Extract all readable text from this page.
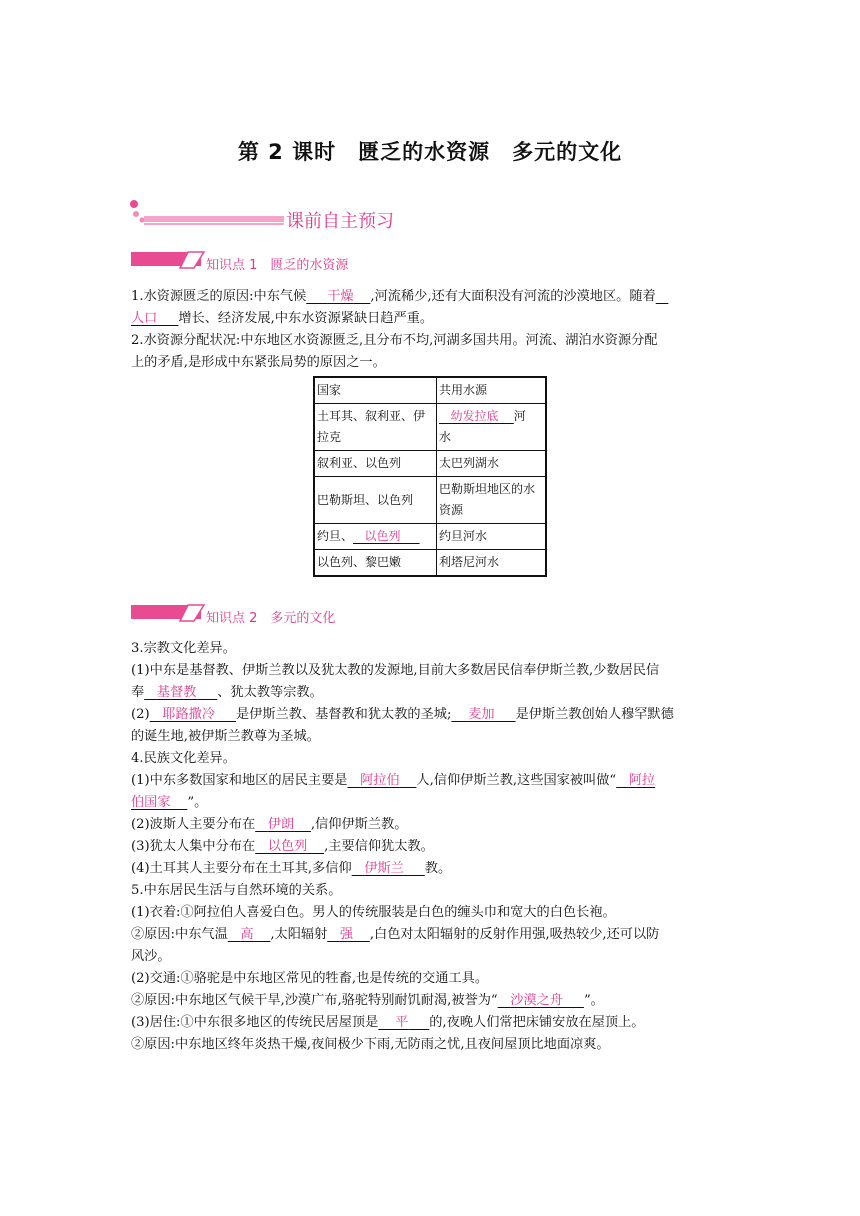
第 2 课时　匮乏的水资源　多元的文化
课前自主预习
知识点 1　匮乏的水资源
1.水资源匮乏的原因:中东气候 干燥 ,河流稀少,还有大面积没有河流的沙漠地区。随着
人口 增长、经济发展,中东水资源紧缺日趋严重。
2.水资源分配状况:中东地区水资源匮乏,且分布不均,河湖多国共用。河流、湖泊水资源分配
上的矛盾,是形成中东紧张局势的原因之一。
国家	共用水源
土耳其、叙利亚、伊
拉克	幼发拉底 河
水
叙利亚、以色列	太巴列湖水
巴勒斯坦、以色列	巴勒斯坦地区的水
资源
约旦、 以色列	约旦河水
以色列、黎巴嫩	利塔尼河水
知识点 2　多元的文化
3.宗教文化差异。
(1)中东是基督教、伊斯兰教以及犹太教的发源地,目前大多数居民信奉伊斯兰教,少数居民信
奉 基督教 、犹太教等宗教。
(2) 耶路撒冷 是伊斯兰教、基督教和犹太教的圣城; 麦加 是伊斯兰教创始人穆罕默德
的诞生地,被伊斯兰教尊为圣城。
4.民族文化差异。
(1)中东多数国家和地区的居民主要是 阿拉伯 人,信仰伊斯兰教,这些国家被叫做“ 阿拉
伯国家 ”。
(2)波斯人主要分布在 伊朗 ,信仰伊斯兰教。
(3)犹太人集中分布在 以色列 ,主要信仰犹太教。
(4)土耳其人主要分布在土耳其,多信仰 伊斯兰 教。
5.中东居民生活与自然环境的关系。
(1)衣着:①阿拉伯人喜爱白色。男人的传统服装是白色的缠头巾和宽大的白色长袍。
②原因:中东气温 高 ,太阳辐射 强 ,白色对太阳辐射的反射作用强,吸热较少,还可以防
风沙。
(2)交通:①骆驼是中东地区常见的牲畜,也是传统的交通工具。
②原因:中东地区气候干旱,沙漠广布,骆驼特别耐饥耐渴,被誉为“ 沙漠之舟 ”。
(3)居住:①中东很多地区的传统民居屋顶是 平 的,夜晚人们常把床铺安放在屋顶上。
②原因:中东地区终年炎热干燥,夜间极少下雨,无防雨之忧,且夜间屋顶比地面凉爽。
